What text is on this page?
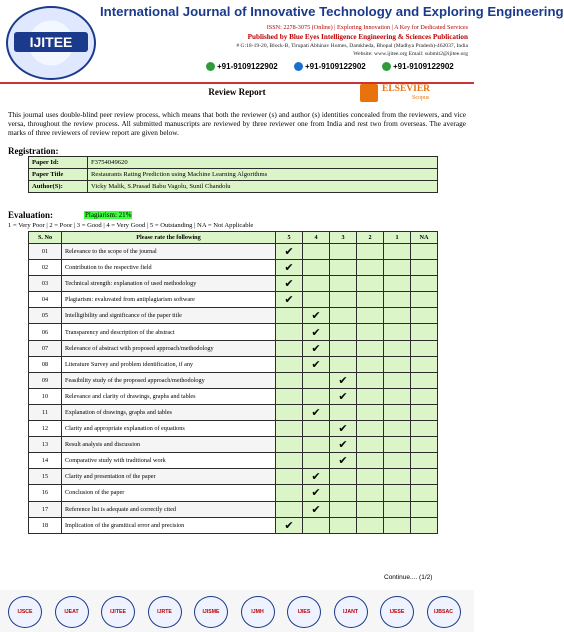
IJITEE
International Journal of Innovative Technology and Exploring Engineering
ISSN: 2278-3075 (Online) | Exploring Innovation | A Key for Dedicated Services
Published by Blue Eyes Intelligence Engineering & Sciences Publication
# G:18-19-20, Block-B, Tirupati Abhinav Homes, Damkheda, Bhopal (Madhya Pradesh)-462037, India
Website: www.ijitee.org Email: submit2@ijitee.org
+91-9109122902	+91-9109122902	+91-9109122902
Review Report	ELSEVIER
Scopus
This journal uses double-blind peer review process, which means that both the reviewer (s) and author (s) identities concealed from the reviewers, and vice versa, throughout the review process. All submitted manuscripts are reviewed by three reviewer one from India and rest two from overseas. The average marks of three reviewers of review report are given below.
Registration:
Paper Id:	F3754049620
Paper Title	Restaurants Rating Prediction using Machine Learning Algorithms
Author(S):	Vicky Malik, S.Prasad Babu Vagolu, Sunil Chandolu
Evaluation:	Plagiarism: 21%
1 = Very Poor | 2 = Poor | 3 = Good | 4 = Very Good | 5 = Outstanding | NA = Not Applicable
S. No	Please rate the following	5	4	3	2	1	NA
01	Relevance to the scope of the journal	✔					
02	Contribution to the respective field	✔					
03	Technical strength: explanation of used methodology	✔					
04	Plagiarism: evaluvated from antiplagiarism software	✔					
05	Intelligibility and significance of the paper title		✔				
06	Transparency and description of the abstract		✔				
07	Relevance of abstract with proposed approach/methodology		✔				
08	Literature Survey and problem identification, if any		✔				
09	Feasibility study of the proposed approach/methodology			✔			
10	Relevance and clarity of drawings, graphs and tables			✔			
11	Explanation of drawings, graphs and tables		✔				
12	Clarity and appropriate explanation of equations			✔			
13	Result analysis and discussion			✔			
14	Comparative study with traditional work			✔			
15	Clarity and presentation of the paper		✔				
16	Conclusion of the paper		✔				
17	Reference list is adequate and correctly cited		✔				
18	Implication of the gramitical error and precision	✔					
Continue.... (1/2)
IJSCE	IJEAT	IJITEE	IJRTE	IJISME	IJMH	IJIES	IJANT	IJESE	IJBSAC
